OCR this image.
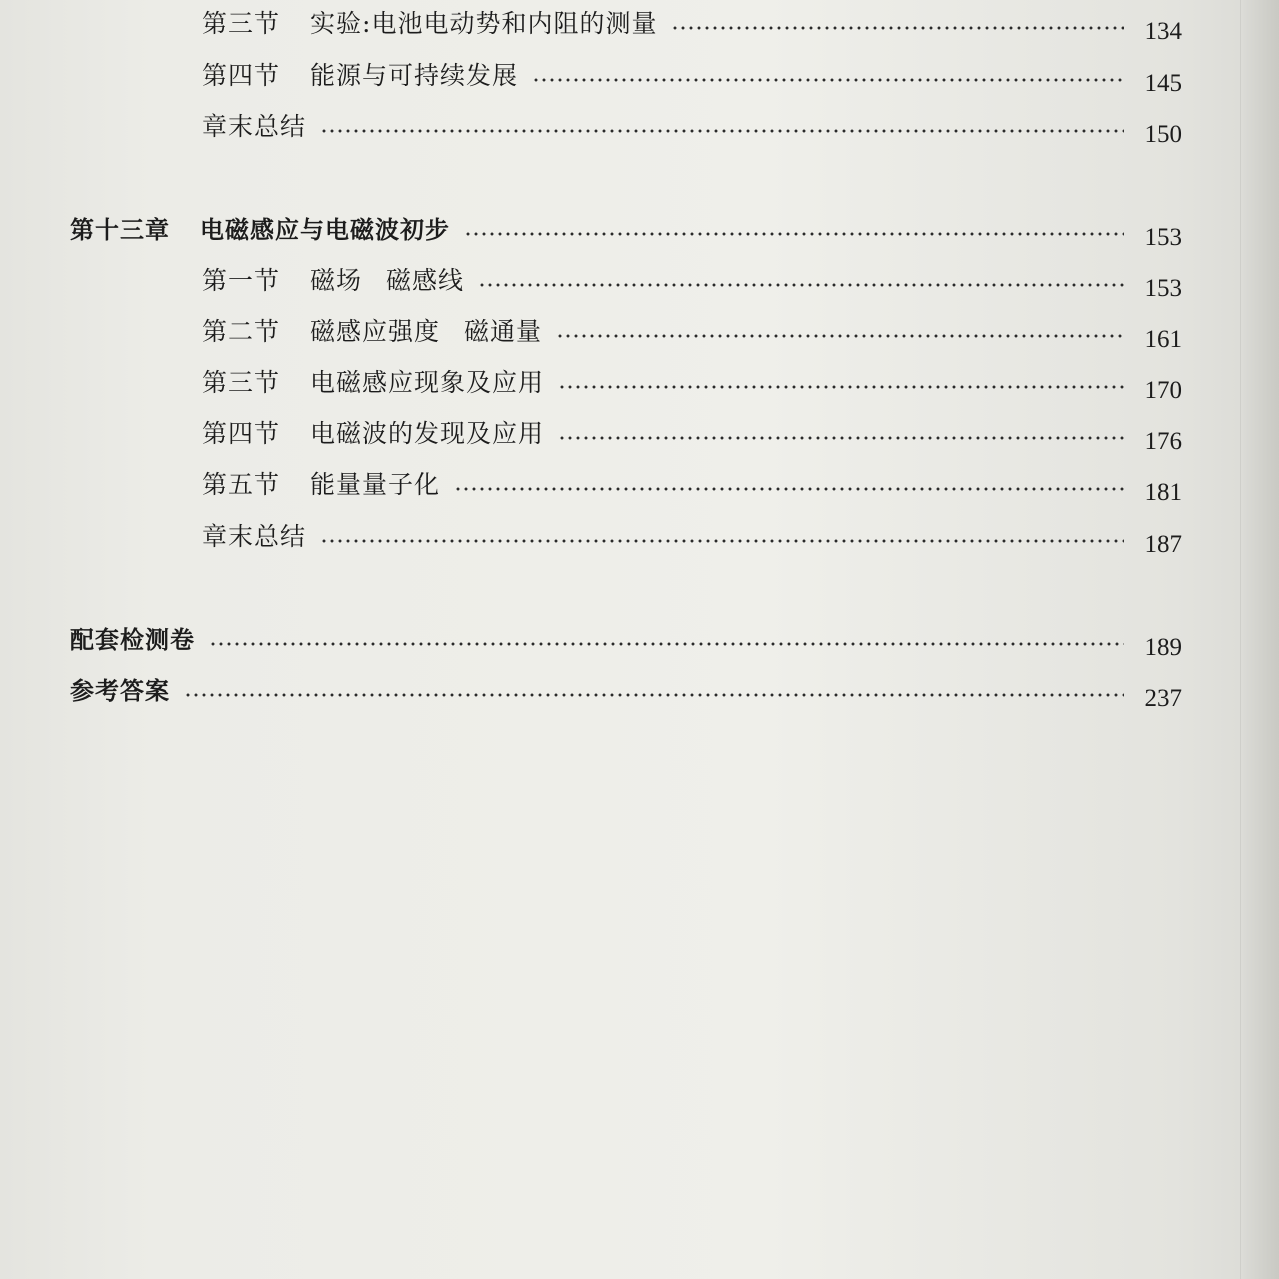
第三节 实验:电池电动势和内阻的测量	134
第四节 能源与可持续发展	145
章末总结	150
第十三章 电磁感应与电磁波初步	153
第一节 磁场 磁感线	153
第二节 磁感应强度 磁通量	161
第三节 电磁感应现象及应用	170
第四节 电磁波的发现及应用	176
第五节 能量量子化	181
章末总结	187
配套检测卷	189
参考答案	237
